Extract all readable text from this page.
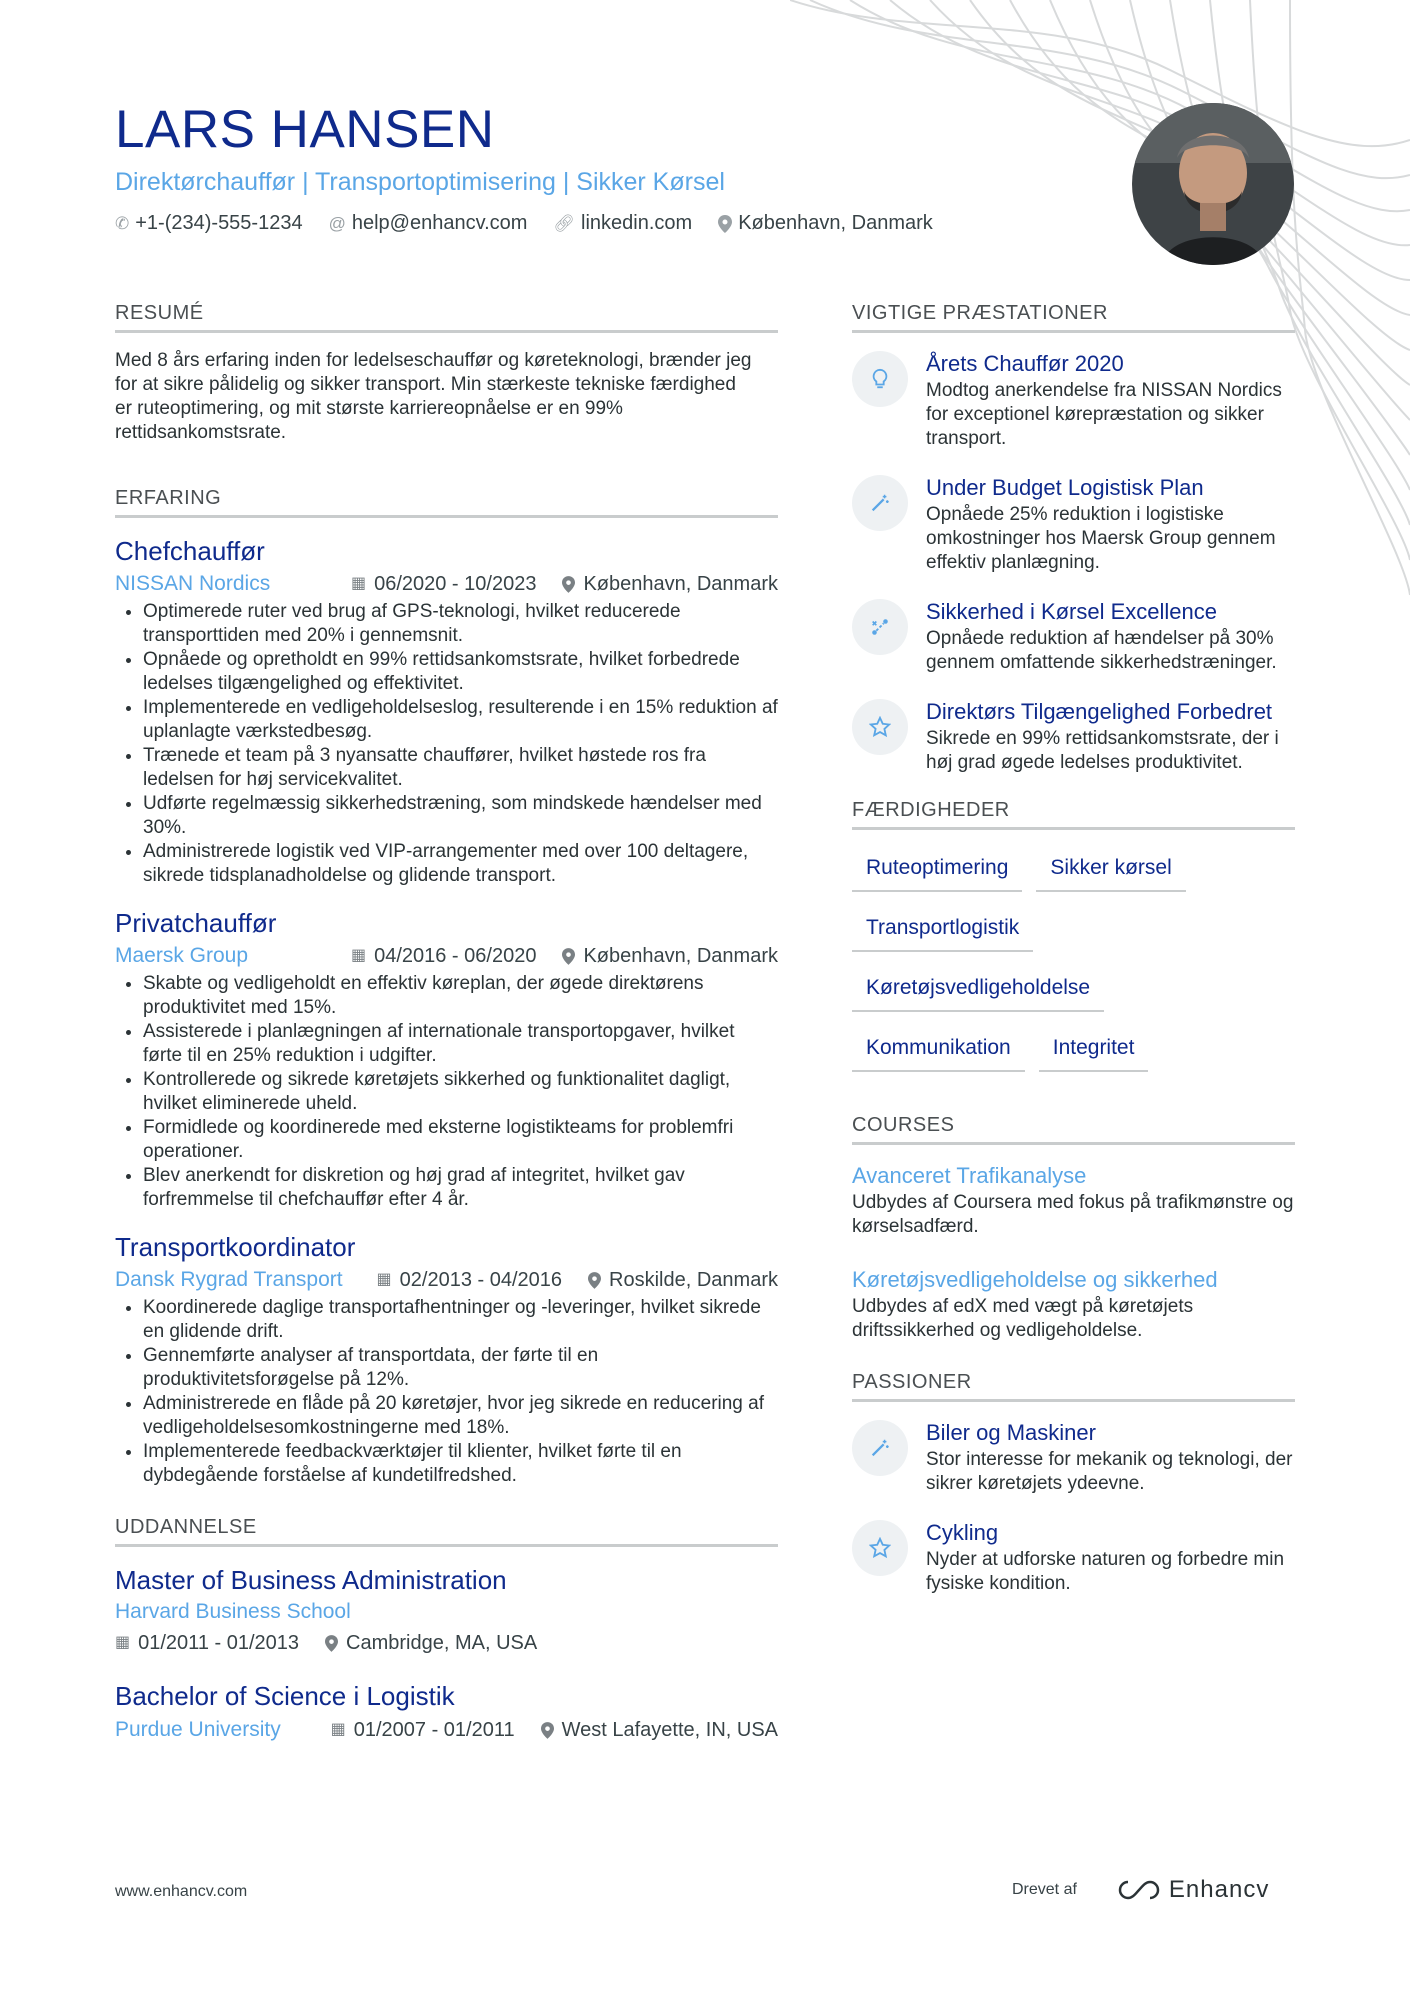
LARS HANSEN
Direktørchauffør | Transportoptimisering | Sikker Kørsel
✆ +1-(234)-555-1234 @ help@enhancv.com 🔗︎ linkedin.com København, Danmark
RESUMÉ
Med 8 års erfaring inden for ledelseschauffør og køreteknologi, brænder jeg for at sikre pålidelig og sikker transport. Min stærkeste tekniske færdighed er ruteoptimering, og mit største karriereopnåelse er en 99% rettidsankomstsrate.
ERFARING
Chefchauffør
NISSAN Nordics	▦ 06/2020 - 10/2023 København, Danmark
• Optimerede ruter ved brug af GPS-teknologi, hvilket reducerede transporttiden med 20% i gennemsnit.
• Opnåede og opretholdt en 99% rettidsankomstsrate, hvilket forbedrede ledelses tilgængelighed og effektivitet.
• Implementerede en vedligeholdelseslog, resulterende i en 15% reduktion af uplanlagte værkstedbesøg.
• Trænede et team på 3 nyansatte chauffører, hvilket høstede ros fra ledelsen for høj servicekvalitet.
• Udførte regelmæssig sikkerhedstræning, som mindskede hændelser med 30%.
• Administrerede logistik ved VIP-arrangementer med over 100 deltagere, sikrede tidsplanadholdelse og glidende transport.
Privatchauffør
Maersk Group	▦ 04/2016 - 06/2020 København, Danmark
• Skabte og vedligeholdt en effektiv køreplan, der øgede direktørens produktivitet med 15%.
• Assisterede i planlægningen af internationale transportopgaver, hvilket førte til en 25% reduktion i udgifter.
• Kontrollerede og sikrede køretøjets sikkerhed og funktionalitet dagligt, hvilket eliminerede uheld.
• Formidlede og koordinerede med eksterne logistikteams for problemfri operationer.
• Blev anerkendt for diskretion og høj grad af integritet, hvilket gav forfremmelse til chefchauffør efter 4 år.
Transportkoordinator
Dansk Rygrad Transport ▦ 02/2013 - 04/2016 Roskilde, Danmark
• Koordinerede daglige transportafhentninger og -leveringer, hvilket sikrede en glidende drift.
• Gennemførte analyser af transportdata, der førte til en produktivitetsforøgelse på 12%.
• Administrerede en flåde på 20 køretøjer, hvor jeg sikrede en reducering af vedligeholdelsesomkostningerne med 18%.
• Implementerede feedbackværktøjer til klienter, hvilket førte til en dybdegående forståelse af kundetilfredshed.
UDDANNELSE
Master of Business Administration
Harvard Business School
▦ 01/2011 - 01/2013 Cambridge, MA, USA
Bachelor of Science i Logistik
Purdue University	▦ 01/2007 - 01/2011 West Lafayette, IN, USA
VIGTIGE PRÆSTATIONER
Årets Chauffør 2020
Modtog anerkendelse fra NISSAN Nordics for exceptionel kørepræstation og sikker transport.
Under Budget Logistisk Plan
Opnåede 25% reduktion i logistiske omkostninger hos Maersk Group gennem effektiv planlægning.
Sikkerhed i Kørsel Excellence
Opnåede reduktion af hændelser på 30% gennem omfattende sikkerhedstræninger.
Direktørs Tilgængelighed Forbedret
Sikrede en 99% rettidsankomstsrate, der i høj grad øgede ledelses produktivitet.
FÆRDIGHEDER
Ruteoptimering	Sikker kørsel
Transportlogistik
Køretøjsvedligeholdelse
Kommunikation	Integritet
COURSES
Avanceret Trafikanalyse
Udbydes af Coursera med fokus på trafikmønstre og kørselsadfærd.
Køretøjsvedligeholdelse og sikkerhed
Udbydes af edX med vægt på køretøjets driftssikkerhed og vedligeholdelse.
PASSIONER
Biler og Maskiner
Stor interesse for mekanik og teknologi, der sikrer køretøjets ydeevne.
Cykling
Nyder at udforske naturen og forbedre min fysiske kondition.
www.enhancv.com	Drevet af	Enhancv
